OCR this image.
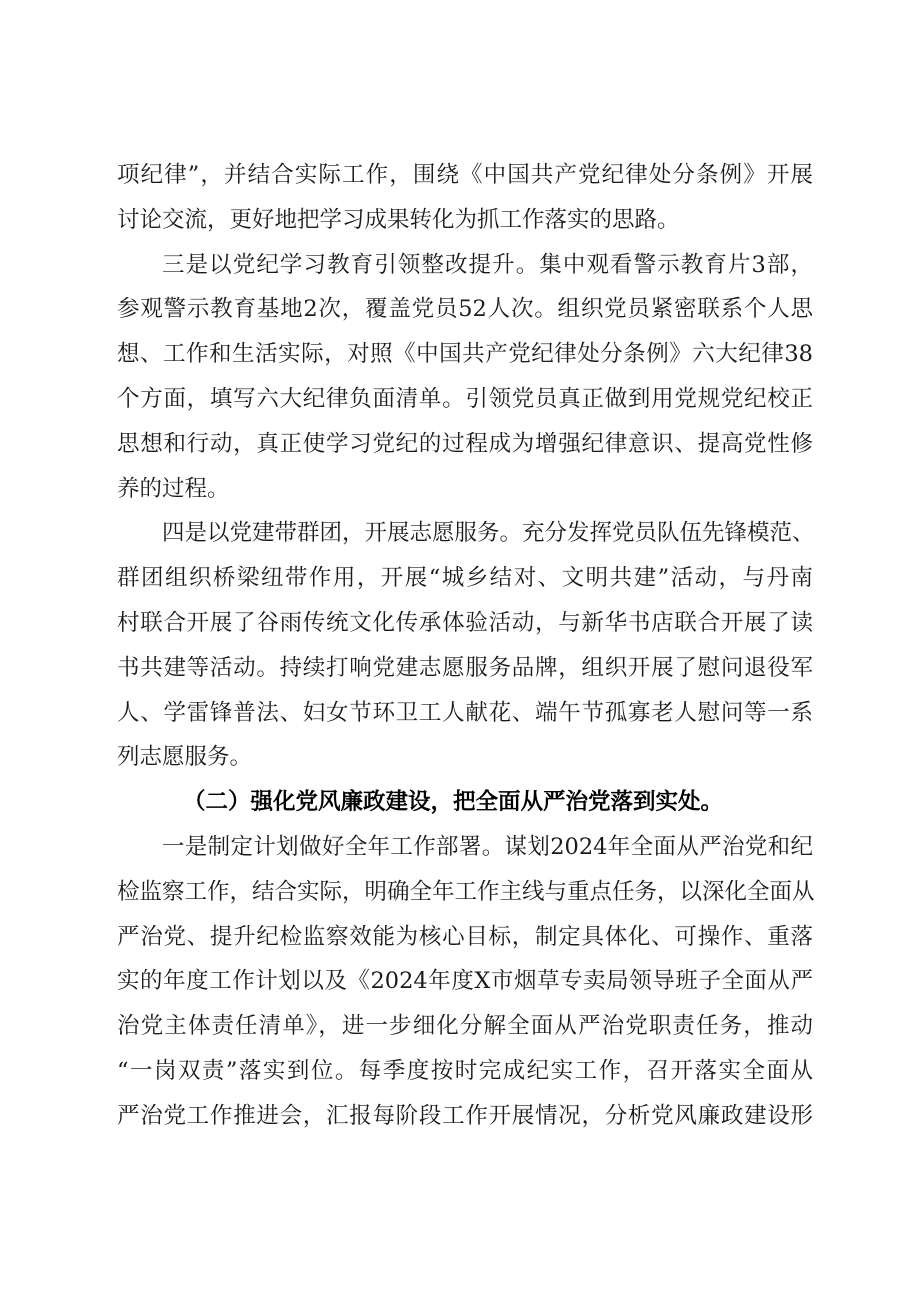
项纪律”，并结合实际工作，围绕《中国共产党纪律处分条例》开展
讨论交流，更好地把学习成果转化为抓工作落实的思路。
三是以党纪学习教育引领整改提升。集中观看警示教育片3部，
参观警示教育基地2次，覆盖党员52人次。组织党员紧密联系个人思
想、工作和生活实际，对照《中国共产党纪律处分条例》六大纪律38
个方面，填写六大纪律负面清单。引领党员真正做到用党规党纪校正
思想和行动，真正使学习党纪的过程成为增强纪律意识、提高党性修
养的过程。
四是以党建带群团，开展志愿服务。充分发挥党员队伍先锋模范、
群团组织桥梁纽带作用，开展“城乡结对、文明共建”活动，与丹南
村联合开展了谷雨传统文化传承体验活动，与新华书店联合开展了读
书共建等活动。持续打响党建志愿服务品牌，组织开展了慰问退役军
人、学雷锋普法、妇女节环卫工人献花、端午节孤寡老人慰问等一系
列志愿服务。
（二）强化党风廉政建设，把全面从严治党落到实处。
一是制定计划做好全年工作部署。谋划2024年全面从严治党和纪
检监察工作，结合实际，明确全年工作主线与重点任务，以深化全面从
严治党、提升纪检监察效能为核心目标，制定具体化、可操作、重落
实的年度工作计划以及《2024年度X市烟草专卖局领导班子全面从严
治党主体责任清单》，进一步细化分解全面从严治党职责任务，推动
“一岗双责”落实到位。每季度按时完成纪实工作，召开落实全面从
严治党工作推进会，汇报每阶段工作开展情况，分析党风廉政建设形
